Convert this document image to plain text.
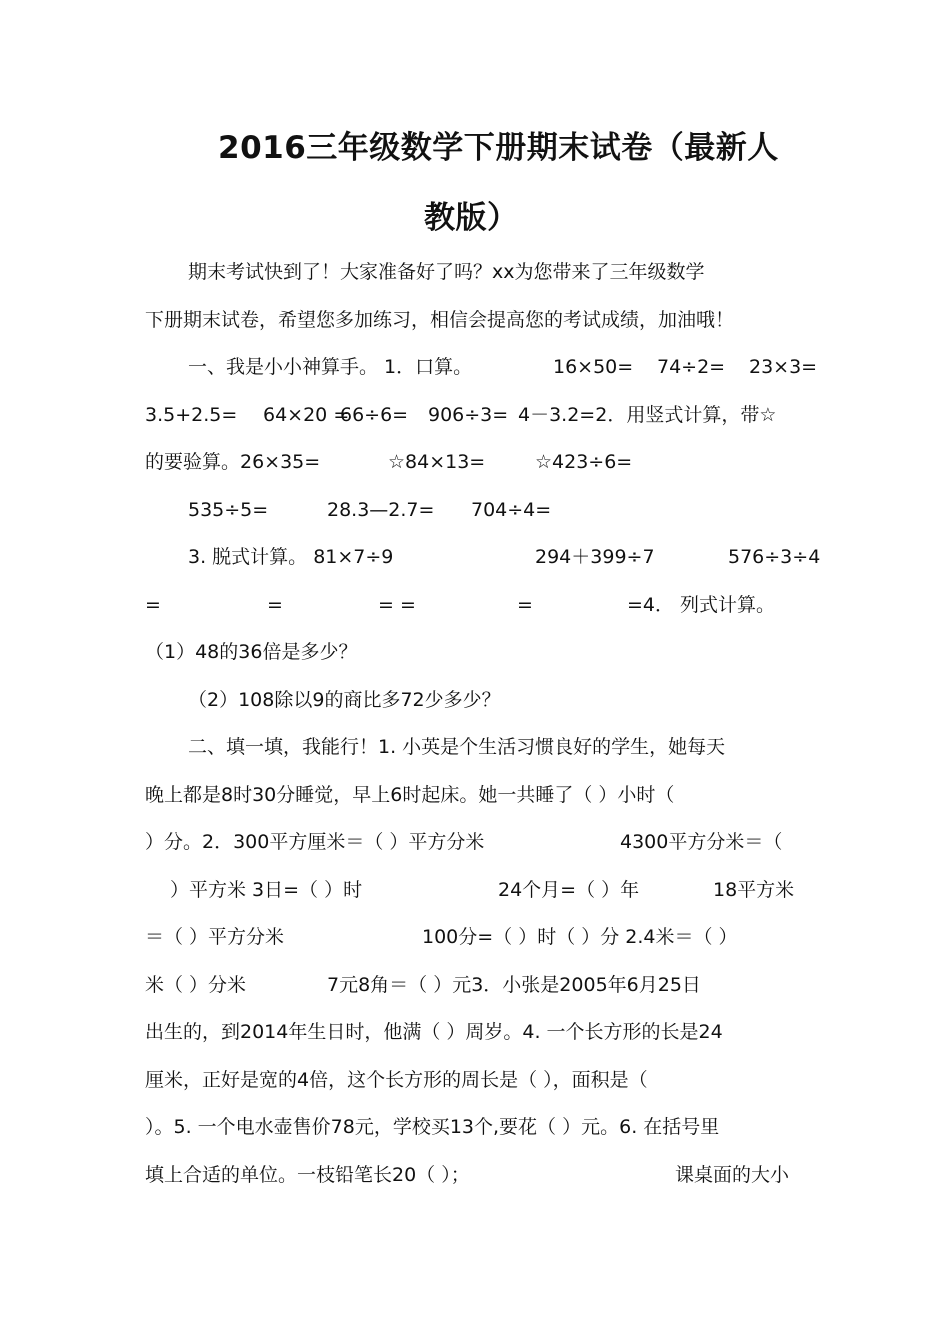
2016三年级数学下册期末试卷（最新人
教版）
期末考试快到了！大家准备好了吗？xx为您带来了三年级数学
下册期末试卷，希望您多加练习，相信会提高您的考试成绩，加油哦！
一、我是小小神算手。 1．口算。	16×50= 74÷2= 23×3=
3.5+2.5= 64×20 =
66÷6= 906÷3= 4－3.2=2．用竖式计算，带☆
的要验算。26×35=	☆84×13=	☆423÷6=
535÷5=	28.3—2.7= 704÷4=
3. 脱式计算。 81×7÷9	294＋399÷7	576÷3÷4
=	=	= =	=	=4． 列式计算。
（1）48的36倍是多少？
（2）108除以9的商比多72少多少？
二、填一填，我能行！1. 小英是个生活习惯良好的学生，她每天
晚上都是8时30分睡觉，早上6时起床。她一共睡了（ ）小时（
）分。2．300平方厘米＝（ ）平方分米	4300平方分米＝（
）平方米 3日=（ ）时	24个月=（ ）年	18平方米
＝（ ）平方分米	100分=（ ）时（ ）分 2.4米＝（ ）
米（ ）分米	7元8角＝（ ）元3．小张是2005年6月25日
出生的，到2014年生日时，他满（ ）周岁。4. 一个长方形的长是24
厘米，正好是宽的4倍，这个长方形的周长是（ ），面积是（
）。5. 一个电水壶售价78元，学校买13个,要花（ ）元。6. 在括号里
填上合适的单位。一枝铅笔长20（ ）；	课桌面的大小
